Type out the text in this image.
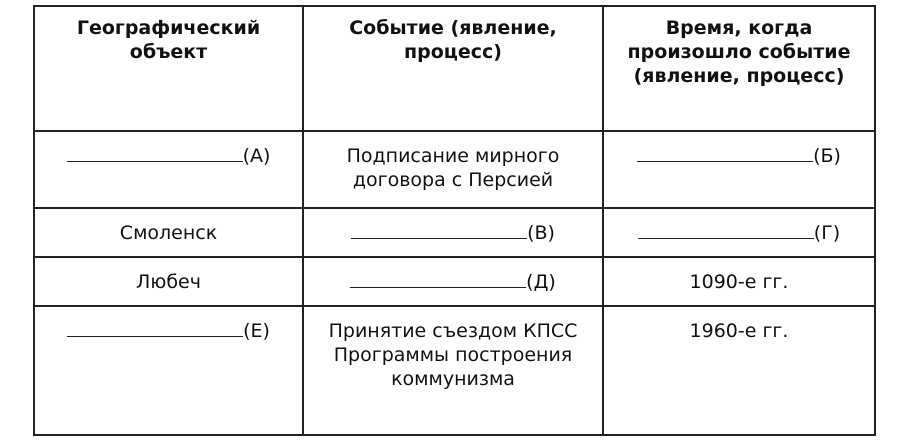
Географический объект	Событие (явление, процесс)	Время, когда произошло событие (явление, процесс)
(А)	Подписание мирного договора с Персией	(Б)
Смоленск	(В)	(Г)
Любеч	(Д)	1090-е гг.
(Е)	Принятие съездом КПСС Программы построения коммунизма	1960-е гг.
